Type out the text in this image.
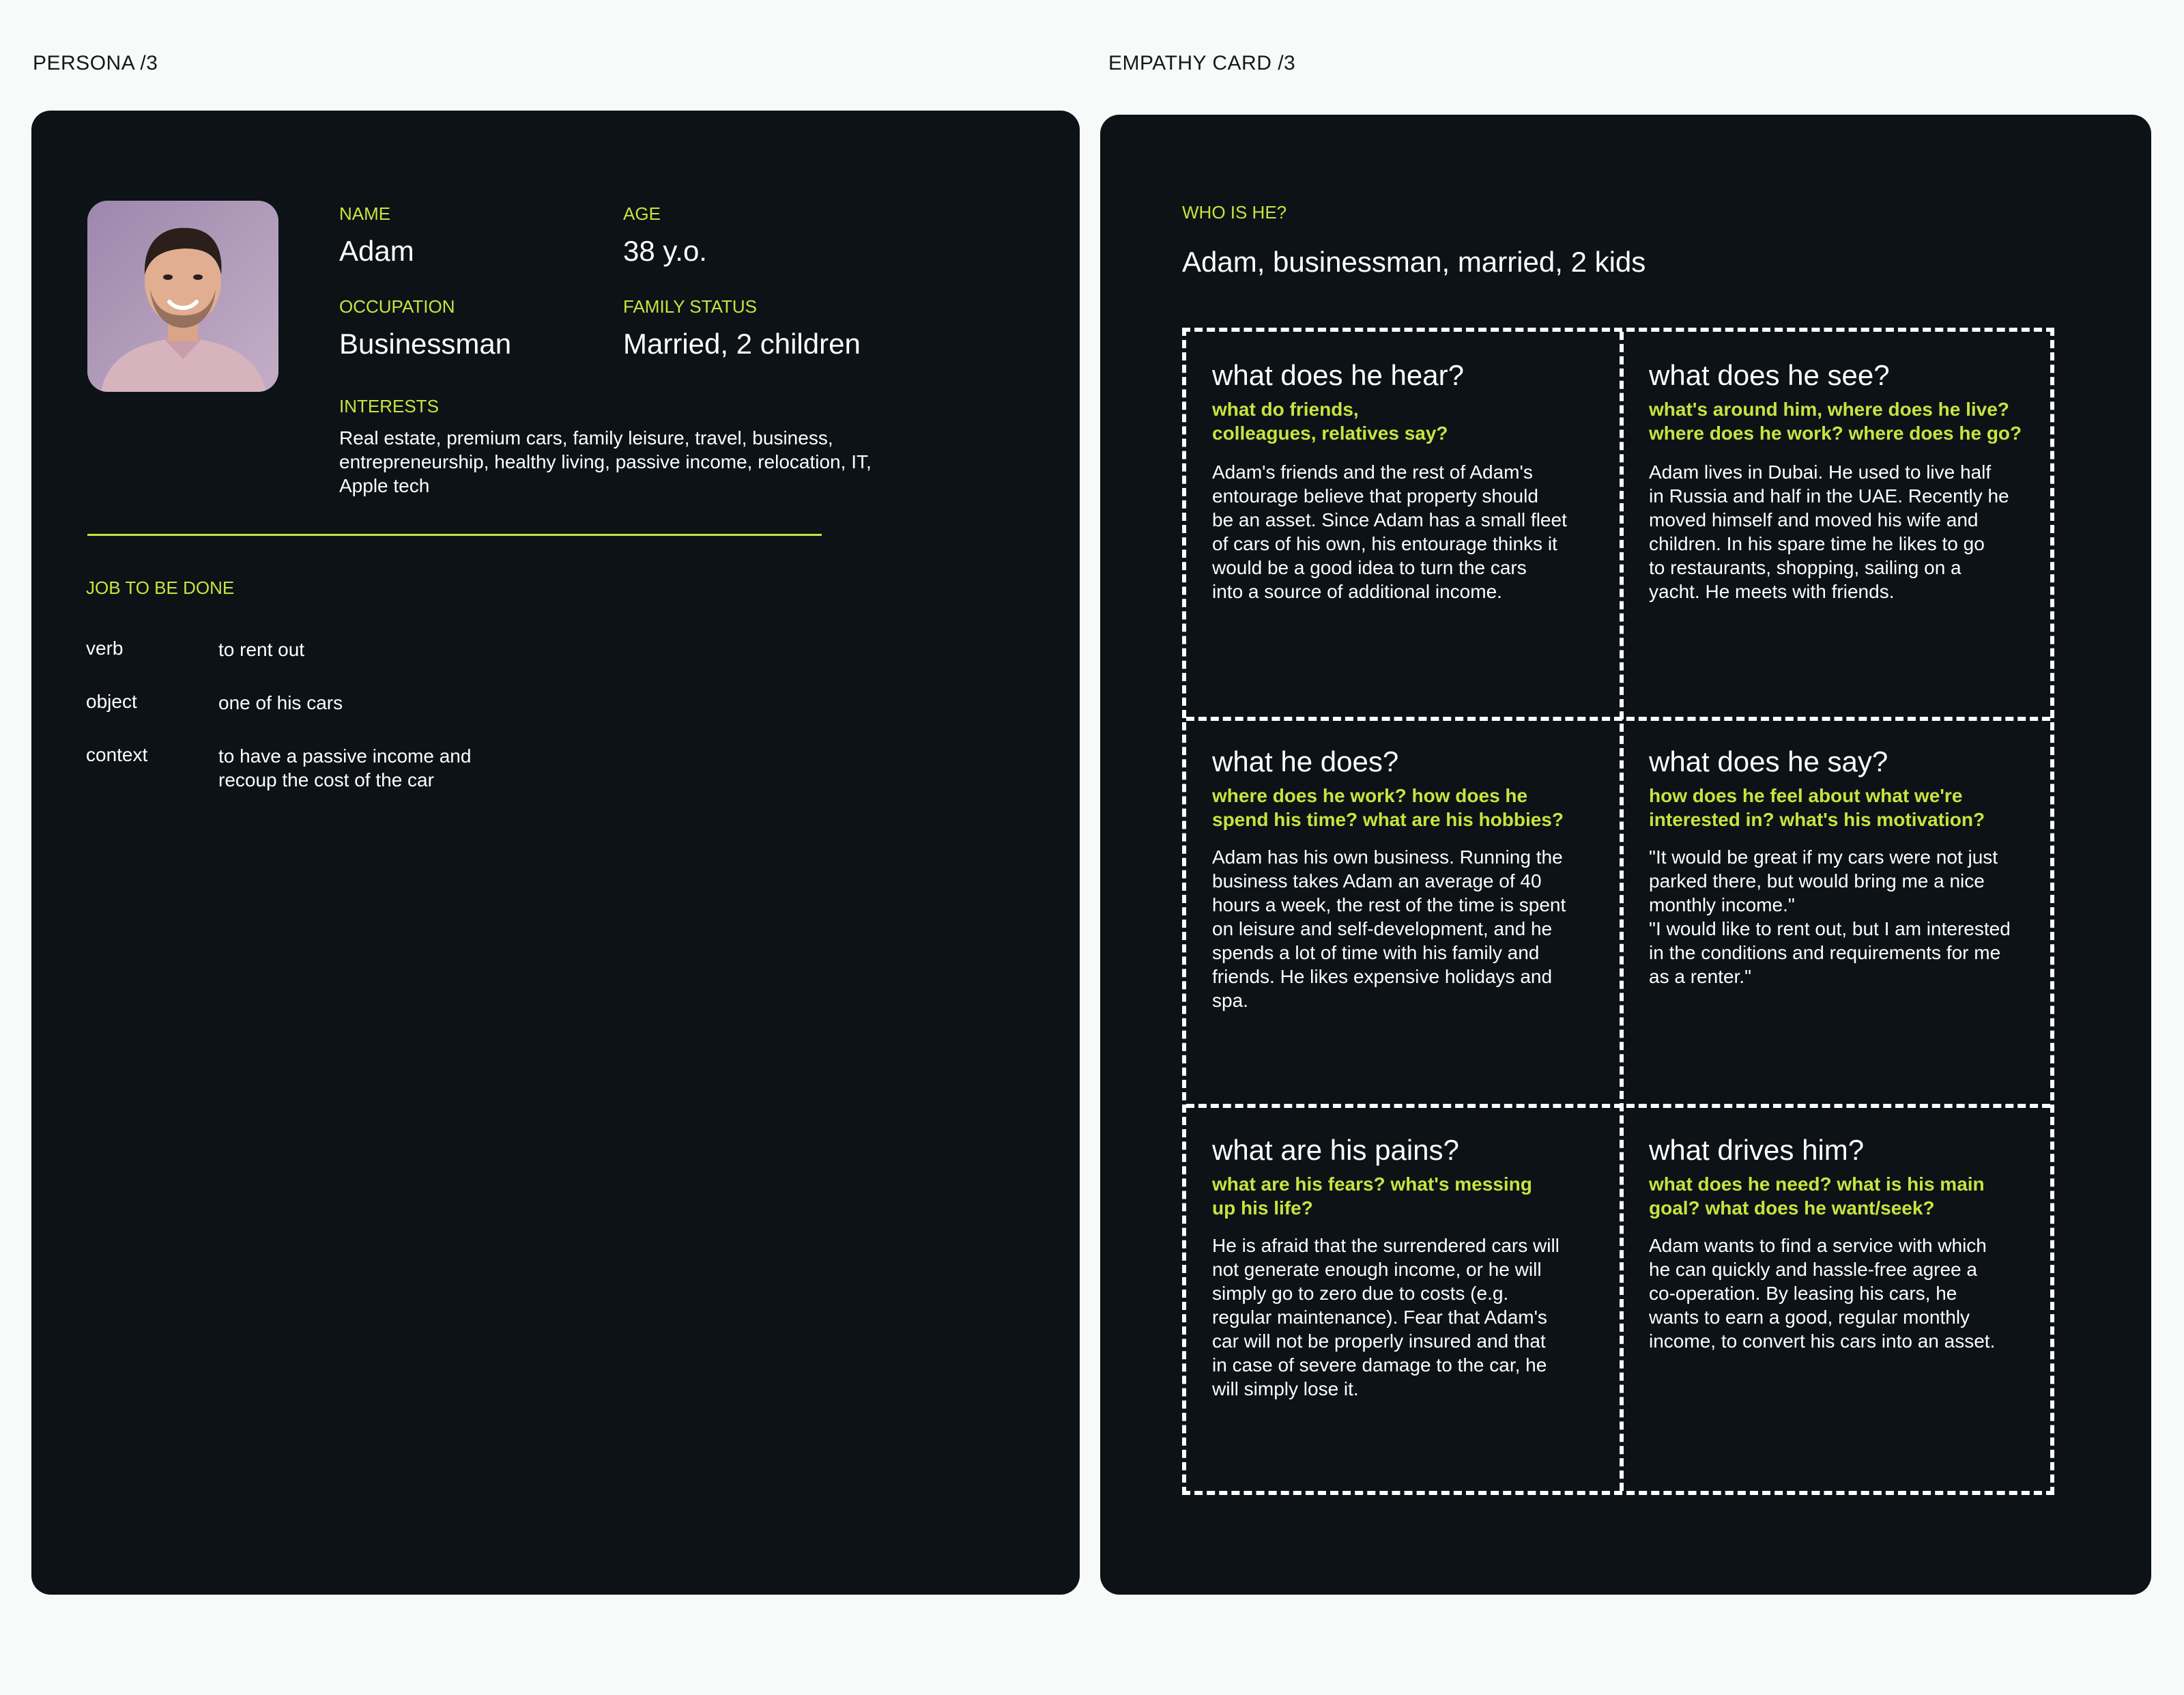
PERSONA /3	EMPATHY CARD /3
NAME
Adam
AGE
38 y.o.
OCCUPATION
Businessman
FAMILY STATUS
Married, 2 children
INTERESTS
Real estate, premium cars, family leisure, travel, business, entrepreneurship, healthy living, passive income, relocation, IT, Apple tech
JOB TO BE DONE
verb	to rent out
object	one of his cars
context	to have a passive income and recoup the cost of the car
WHO IS HE?
Adam, businessman, married, 2 kids
what does he hear?
what do friends,
colleagues, relatives say?
Adam's friends and the rest of Adam's
entourage believe that property should
be an asset. Since Adam has a small fleet
of cars of his own, his entourage thinks it
would be a good idea to turn the cars
into a source of additional income.
what does he see?
what's around him, where does he live?
where does he work? where does he go?
Adam lives in Dubai. He used to live half
in Russia and half in the UAE. Recently he
moved himself and moved his wife and
children. In his spare time he likes to go
to restaurants, shopping, sailing on a
yacht. He meets with friends.
what he does?
where does he work? how does he
spend his time? what are his hobbies?
Adam has his own business. Running the
business takes Adam an average of 40
hours a week, the rest of the time is spent
on leisure and self-development, and he
spends a lot of time with his family and
friends. He likes expensive holidays and
spa.
what does he say?
how does he feel about what we're
interested in? what's his motivation?
"It would be great if my cars were not just
parked there, but would bring me a nice
monthly income."
"I would like to rent out, but I am interested
in the conditions and requirements for me
as a renter."
what are his pains?
what are his fears? what's messing
up his life?
He is afraid that the surrendered cars will
not generate enough income, or he will
simply go to zero due to costs (e.g.
regular maintenance). Fear that Adam's
car will not be properly insured and that
in case of severe damage to the car, he
will simply lose it.
what drives him?
what does he need? what is his main
goal? what does he want/seek?
Adam wants to find a service with which
he can quickly and hassle-free agree a
co-operation. By leasing his cars, he
wants to earn a good, regular monthly
income, to convert his cars into an asset.
